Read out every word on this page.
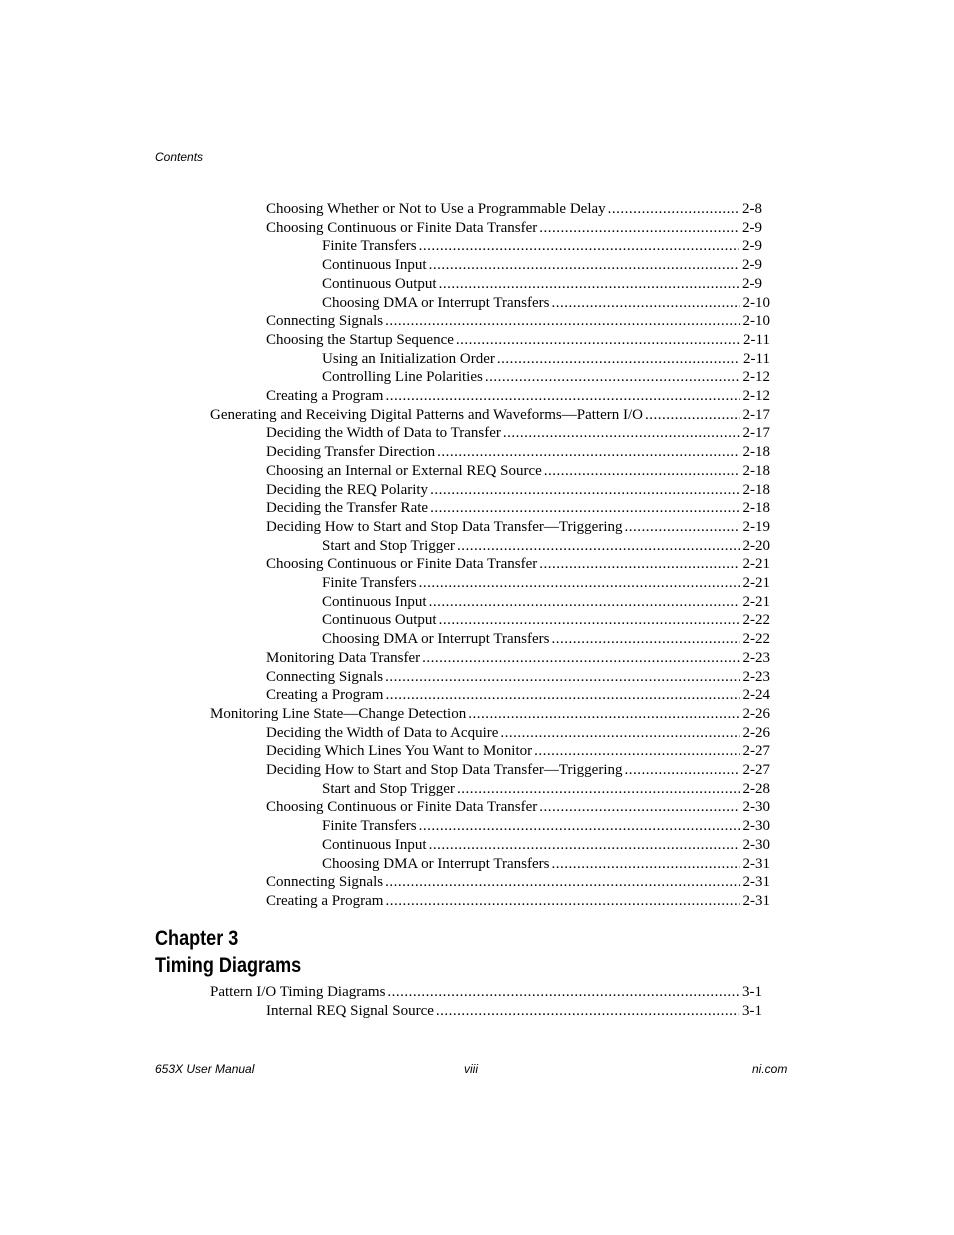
Contents
Choosing Whether or Not to Use a Programmable Delay .....	2-8
Choosing Continuous or Finite Data Transfer .....	2-9
Finite Transfers .....	2-9
Continuous Input .....	2-9
Continuous Output .....	2-9
Choosing DMA or Interrupt Transfers .....	2-10
Connecting Signals .....	2-10
Choosing the Startup Sequence .....	2-11
Using an Initialization Order .....	2-11
Controlling Line Polarities .....	2-12
Creating a Program .....	2-12
Generating and Receiving Digital Patterns and Waveforms—Pattern I/O .....	2-17
Deciding the Width of Data to Transfer .....	2-17
Deciding Transfer Direction .....	2-18
Choosing an Internal or External REQ Source .....	2-18
Deciding the REQ Polarity .....	2-18
Deciding the Transfer Rate .....	2-18
Deciding How to Start and Stop Data Transfer—Triggering .....	2-19
Start and Stop Trigger .....	2-20
Choosing Continuous or Finite Data Transfer .....	2-21
Finite Transfers .....	2-21
Continuous Input .....	2-21
Continuous Output .....	2-22
Choosing DMA or Interrupt Transfers .....	2-22
Monitoring Data Transfer .....	2-23
Connecting Signals .....	2-23
Creating a Program .....	2-24
Monitoring Line State—Change Detection .....	2-26
Deciding the Width of Data to Acquire .....	2-26
Deciding Which Lines You Want to Monitor .....	2-27
Deciding How to Start and Stop Data Transfer—Triggering .....	2-27
Start and Stop Trigger .....	2-28
Choosing Continuous or Finite Data Transfer .....	2-30
Finite Transfers .....	2-30
Continuous Input .....	2-30
Choosing DMA or Interrupt Transfers .....	2-31
Connecting Signals .....	2-31
Creating a Program .....	2-31
Chapter 3
Timing Diagrams
Pattern I/O Timing Diagrams .....	3-1
Internal REQ Signal Source .....	3-1
653X User Manual	viii	ni.com
